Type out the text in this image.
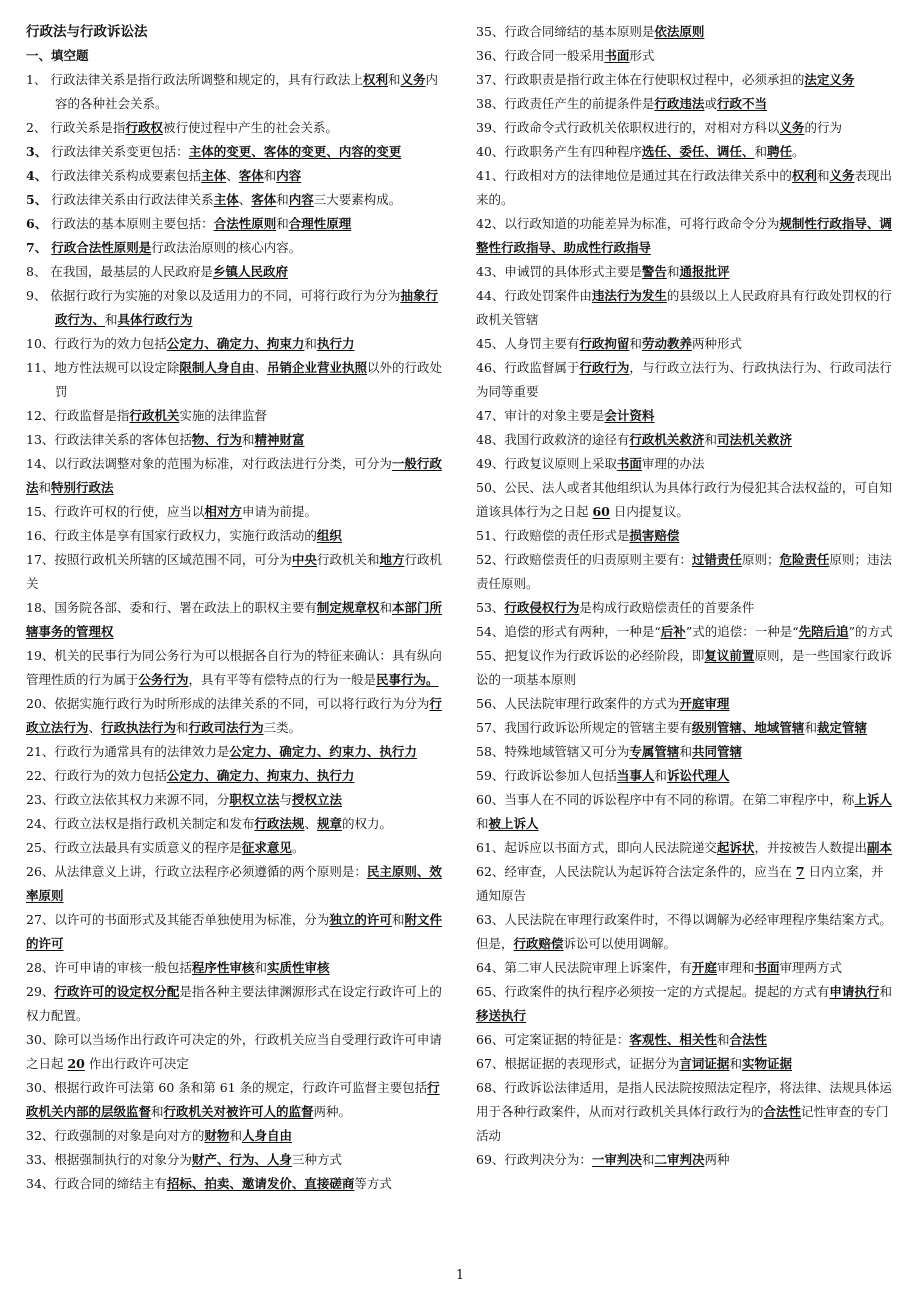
行政法与行政诉讼法
一、填空题
1、 行政法律关系是指行政法所调整和规定的，具有行政法上权利和义务内容的各种社会关系。
2、 行政关系是指行政权被行使过程中产生的社会关系。
3、 行政法律关系变更包括：主体的变更、客体的变更、内容的变更
4、 行政法律关系构成要素包括主体、客体和内容
5、 行政法律关系由行政法律关系主体、客体和内容三大要素构成。
6、 行政法的基本原则主要包括：合法性原则和合理性原理
7、 行政合法性原则是行政法治原则的核心内容。
8、 在我国，最基层的人民政府是乡镇人民政府
9、 依据行政行为实施的对象以及适用力的不同，可将行政行为分为抽象行政行为、和具体行政行为
10、行政行为的效力包括公定力、确定力、拘束力和执行力
11、地方性法规可以设定除限制人身自由、吊销企业营业执照以外的行政处罚
12、行政监督是指行政机关实施的法律监督
13、行政法律关系的客体包括物、行为和精神财富
14、以行政法调整对象的范围为标准，对行政法进行分类，可分为一般行政法和特别行政法
15、行政许可权的行使，应当以相对方申请为前提。
16、行政主体是享有国家行政权力，实施行政活动的组织
17、按照行政机关所辖的区域范围不同，可分为中央行政机关和地方行政机关
18、国务院各部、委和行、署在政法上的职权主要有制定规章权和本部门所辖事务的管理权
19、机关的民事行为同公务行为可以根据各自行为的特征来确认：具有纵向管理性质的行为属于公务行为，具有平等有偿特点的行为一般是民事行为。
20、依据实施行政行为时所形成的法律关系的不同，可以将行政行为分为行政立法行为、行政执法行为和行政司法行为三类。
21、行政行为通常具有的法律效力是公定力、确定力、约束力、执行力
22、行政行为的效力包括公定力、确定力、拘束力、执行力
23、行政立法依其权力来源不同，分职权立法与授权立法
24、行政立法权是指行政机关制定和发布行政法规、规章的权力。
25、行政立法最具有实质意义的程序是征求意见。
26、从法律意义上讲，行政立法程序必须遵循的两个原则是：民主原则、效率原则
27、以许可的书面形式及其能否单独使用为标准，分为独立的许可和附文件的许可
28、许可申请的审核一般包括程序性审核和实质性审核
29、行政许可的设定权分配是指各种主要法律渊源形式在设定行政许可上的权力配置。
30、除可以当场作出行政许可决定的外，行政机关应当自受理行政许可申请之日起 20 作出行政许可决定
30、根据行政许可法第 60 条和第 61 条的规定，行政许可监督主要包括行政机关内部的层级监督和行政机关对被许可人的监督两种。
32、行政强制的对象是向对方的财物和人身自由
33、根据强制执行的对象分为财产、行为、人身三种方式
34、行政合同的缔结主有招标、拍卖、邀请发价、直接磋商等方式
35、行政合同缔结的基本原则是依法原则
36、行政合同一般采用书面形式
37、行政职责是指行政主体在行使职权过程中，必须承担的法定义务
38、行政责任产生的前提条件是行政违法或行政不当
39、行政命令式行政机关依职权进行的，对相对方科以义务的行为
40、行政职务产生有四种程序选任、委任、调任、和聘任。
41、行政相对方的法律地位是通过其在行政法律关系中的权利和义务表现出来的。
42、以行政知道的功能差异为标准，可将行政命令分为规制性行政指导、调整性行政指导、助成性行政指导
43、申诫罚的具体形式主要是警告和通报批评
44、行政处罚案件由违法行为发生的县级以上人民政府具有行政处罚权的行政机关管辖
45、人身罚主要有行政拘留和劳动教养两种形式
46、行政监督属于行政行为，与行政立法行为、行政执法行为、行政司法行为同等重要
47、审计的对象主要是会计资料
48、我国行政救济的途径有行政机关救济和司法机关救济
49、行政复议原则上采取书面审理的办法
50、公民、法人或者其他组织认为具体行政行为侵犯其合法权益的，可自知道该具体行为之日起 60 日内提复议。
51、行政赔偿的责任形式是损害赔偿
52、行政赔偿责任的归责原则主要有：过错责任原则；危险责任原则；违法责任原则。
53、行政侵权行为是构成行政赔偿责任的首要条件
54、追偿的形式有两种，一种是“后补”式的追偿：一种是“先陪后追”的方式
55、把复议作为行政诉讼的必经阶段，即复议前置原则，是一些国家行政诉讼的一项基本原则
56、人民法院审理行政案件的方式为开庭审理
57、我国行政诉讼所规定的管辖主要有级别管辖、地域管辖和裁定管辖
58、特殊地域管辖又可分为专属管辖和共同管辖
59、行政诉讼参加人包括当事人和诉讼代理人
60、当事人在不同的诉讼程序中有不同的称谓。在第二审程序中，称上诉人和被上诉人
61、起诉应以书面方式，即向人民法院递交起诉状，并按被告人数提出副本
62、经审查，人民法院认为起诉符合法定条件的，应当在 7 日内立案，并通知原告
63、人民法院在审理行政案件时，不得以调解为必经审理程序集结案方式。但是，行政赔偿诉讼可以使用调解。
64、第二审人民法院审理上诉案件，有开庭审理和书面审理两方式
65、行政案件的执行程序必须按一定的方式提起。提起的方式有申请执行和移送执行
66、可定案证据的特征是：客观性、相关性和合法性
67、根据证据的表现形式，证据分为言词证据和实物证据
68、行政诉讼法律适用，是指人民法院按照法定程序，将法律、法规具体运用于各种行政案件，从而对行政机关具体行政行为的合法性记性审查的专门活动
69、行政判决分为：一审判决和二审判决两种
1
